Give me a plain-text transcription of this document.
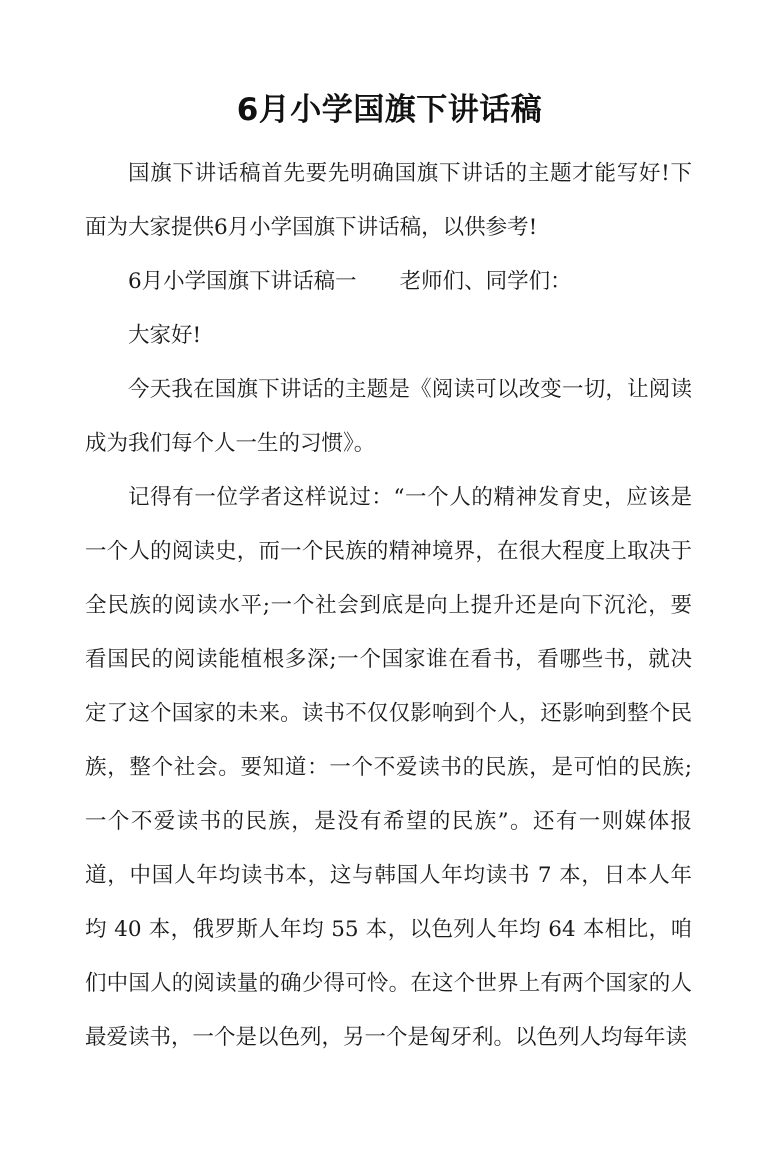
6月小学国旗下讲话稿

国旗下讲话稿首先要先明确国旗下讲话的主题才能写好!下面为大家提供6月小学国旗下讲话稿，以供参考!

6月小学国旗下讲话稿一　　老师们、同学们：

大家好!

今天我在国旗下讲话的主题是《阅读可以改变一切，让阅读成为我们每个人一生的习惯》。

记得有一位学者这样说过：“一个人的精神发育史，应该是一个人的阅读史，而一个民族的精神境界，在很大程度上取决于全民族的阅读水平;一个社会到底是向上提升还是向下沉沦，要看国民的阅读能植根多深;一个国家谁在看书，看哪些书，就决定了这个国家的未来。读书不仅仅影响到个人，还影响到整个民族，整个社会。要知道：一个不爱读书的民族，是可怕的民族;一个不爱读书的民族，是没有希望的民族”。还有一则媒体报道，中国人年均读书本，这与韩国人年均读书 7 本，日本人年均 40 本，俄罗斯人年均 55 本，以色列人年均 64 本相比，咱们中国人的阅读量的确少得可怜。在这个世界上有两个国家的人最爱读书，一个是以色列，另一个是匈牙利。以色列人均每年读
